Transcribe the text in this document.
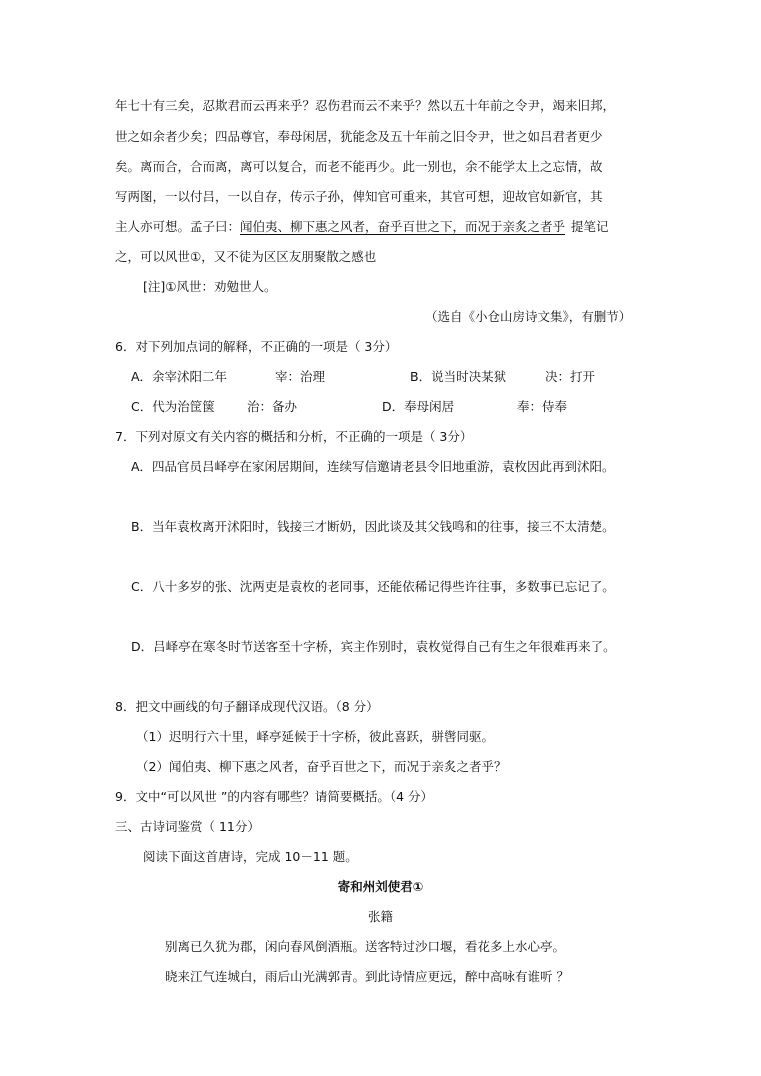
年七十有三矣，忍欺君而云再来乎？忍伤君而云不来乎？然以五十年前之令尹，竭来旧邦，
世之如余者少矣；四品尊官，奉母闲居，犹能念及五十年前之旧令尹，世之如吕君者更少
矣。离而合，合而离，离可以复合，而老不能再少。此一别也，余不能学太上之忘情，故
写两图，一以付吕，一以自存，传示子孙，俾知官可重来，其官可想，迎故官如新官，其
主人亦可想。孟子曰：闻伯夷、柳下惠之风者，奋乎百世之下，而况于亲炙之者乎 提笔记
之，可以风世①，又不徒为区区友朋聚散之感也
[注]①风世：劝勉世人。
（选自《小仓山房诗文集》，有删节）
6．对下列加点词的解释，不正确的一项是（ 3分）
A．余宰沭阳二年	宰：治理	B．说当时决某狱	决：打开
C．代为治筐箧	治：备办	D．奉母闲居	奉：侍奉
7．下列对原文有关内容的概括和分析，不正确的一项是（ 3分）
A．四品官员吕峄亭在家闲居期间，连续写信邀请老县令旧地重游，袁枚因此再到沭阳。
B．当年袁枚离开沭阳时，钱接三才断奶，因此谈及其父钱鸣和的往事，接三不太清楚。
C．八十多岁的张、沈两吏是袁枚的老同事，还能依稀记得些许往事，多数事已忘记了。
D．吕峄亭在寒冬时节送客至十字桥，宾主作别时，袁枚觉得自己有生之年很难再来了。
8．把文中画线的句子翻译成现代汉语。（8 分）
（1）迟明行六十里，峄亭延候于十字桥，彼此喜跃，骈辔同驱。
（2）闻伯夷、柳下惠之风者，奋乎百世之下，而况于亲炙之者乎？
9．文中“可以风世 ”的内容有哪些？请简要概括。（4 分）
三、古诗词鉴赏（ 11分）
阅读下面这首唐诗，完成 10－11 题。
寄和州刘使君①
张籍
别离已久犹为郡，闲向春风倒酒瓶。送客特过沙口堰，看花多上水心亭。
晓来江气连城白，雨后山光满郭青。到此诗情应更远，醉中高咏有谁听 ？
